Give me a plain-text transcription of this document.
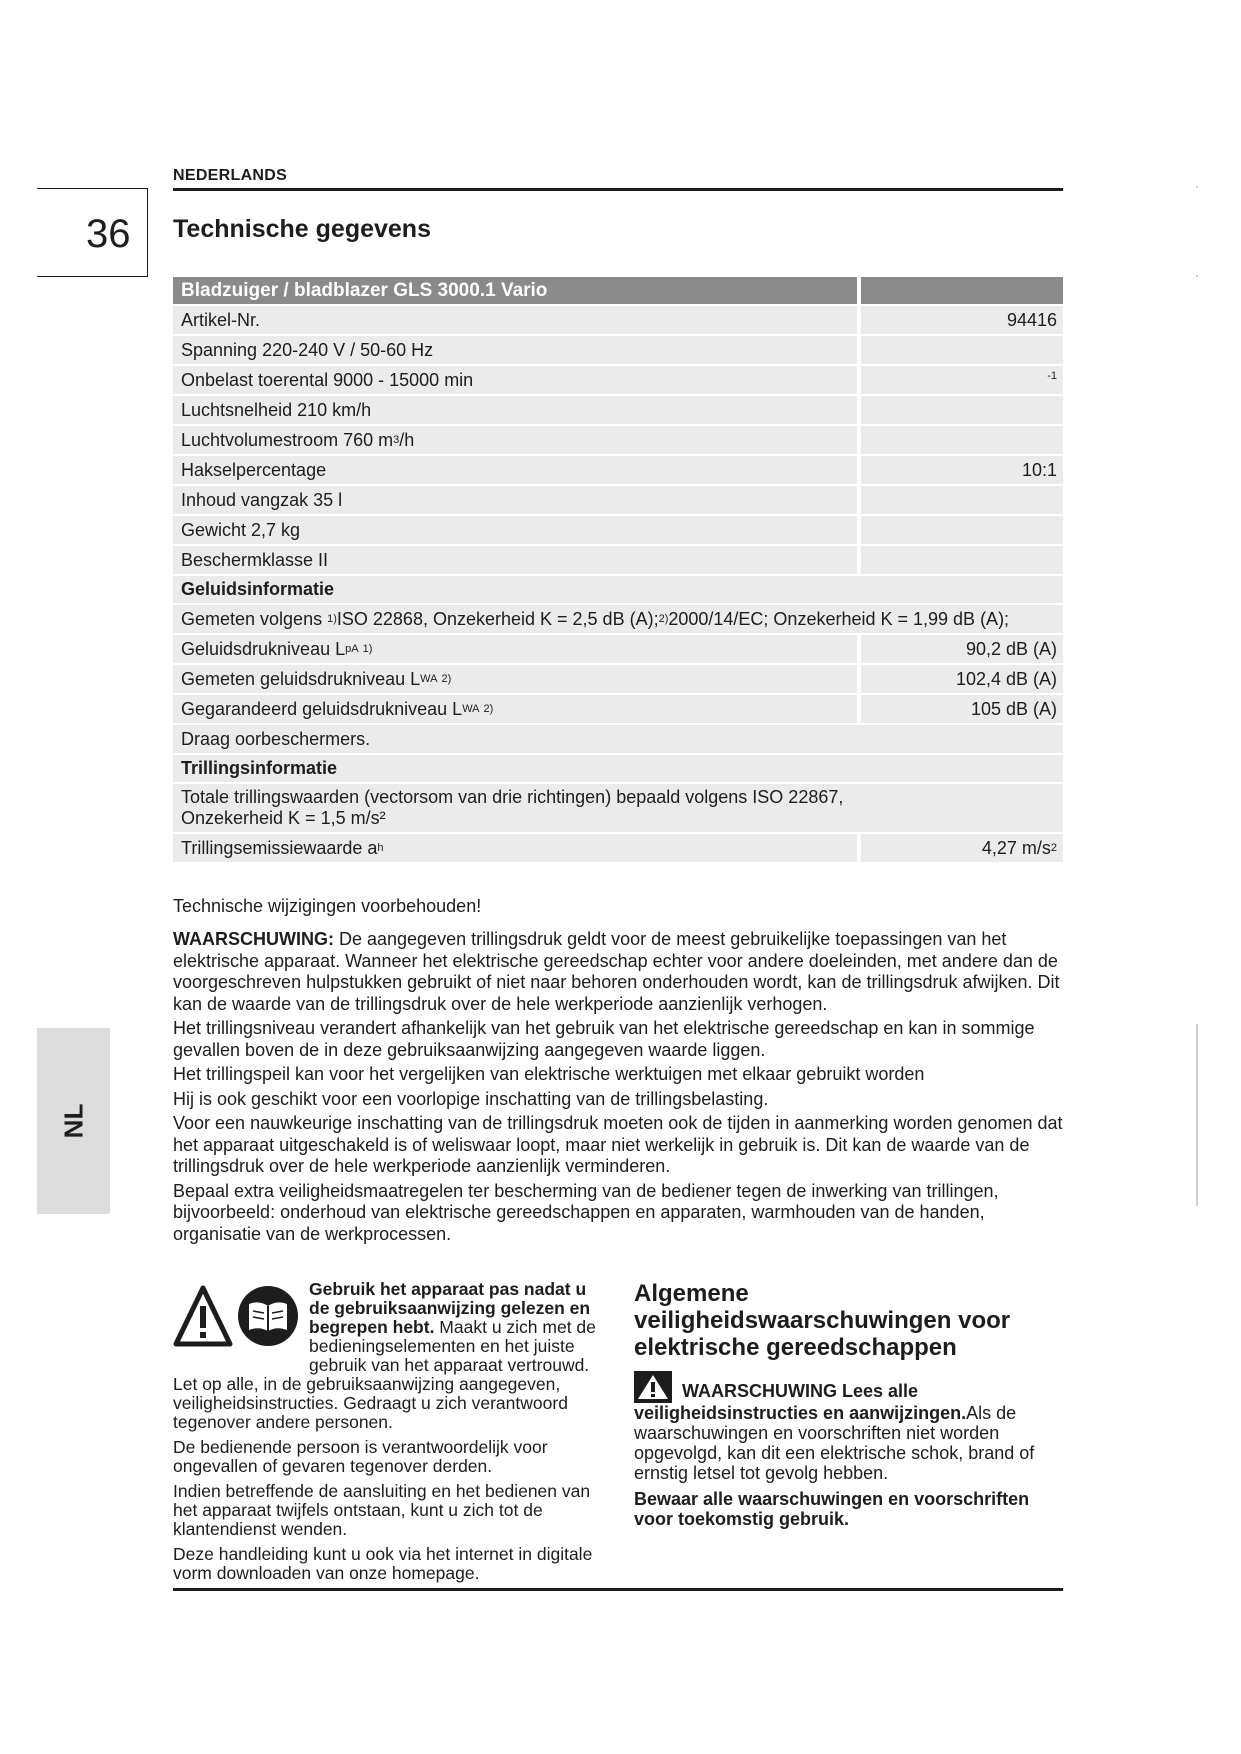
NEDERLANDS
36 Technische gegevens
NL
Bladzuiger / bladblazer GLS 3000.1 Vario
Artikel-Nr.	94416
Spanning 220-240 V / 50-60 Hz
Onbelast toerental 9000 - 15000 min	-1
Luchtsnelheid 210 km/h
Luchtvolumestroom 760 m 3 /h
Hakselpercentage	10:1
Inhoud vangzak 35 l
Gewicht 2,7 kg
Beschermklasse II
Geluidsinformatie
Gemeten volgens
1) ISO 22868, Onzekerheid K = 2,5 dB (A); 2) 2000/14/EC; Onzekerheid K = 1,99 dB (A);
Geluidsdrukniveau L pA 1)	90,2 dB (A)
Gemeten geluidsdrukniveau L WA 2)	102,4 dB (A)
Gegarandeerd geluidsdrukniveau L WA 2)	105 dB (A)
Draag oorbeschermers.
Trillingsinformatie
Totale trillingswaarden (vectorsom van drie richtingen) bepaald volgens ISO 22867,
Onzekerheid K = 1,5 m/s²
Trillingsemissiewaarde a h	4,27 m/s 2
Technische wijzigingen voorbehouden!

WAARSCHUWING: De aangegeven trillingsdruk geldt voor de meest gebruikelijke toepassingen van het elektrische apparaat. Wanneer het elektrische gereedschap echter voor andere doeleinden, met andere dan de voorgeschreven hulpstukken gebruikt of niet naar behoren onderhouden wordt, kan de trillingsdruk afwijken. Dit kan de waarde van de trillingsdruk over de hele werkperiode aanzienlijk verhogen.

Het trillingsniveau verandert afhankelijk van het gebruik van het elektrische gereedschap en kan in sommige gevallen boven de in deze gebruiksaanwijzing aangegeven waarde liggen.

Het trillingspeil kan voor het vergelijken van elektrische werktuigen met elkaar gebruikt worden

Hij is ook geschikt voor een voorlopige inschatting van de trillingsbelasting.

Voor een nauwkeurige inschatting van de trillingsdruk moeten ook de tijden in aanmerking worden genomen dat het apparaat uitgeschakeld is of weliswaar loopt, maar niet werkelijk in gebruik is. Dit kan de waarde van de trillingsdruk over de hele werkperiode aanzienlijk verminderen.

Bepaal extra veiligheidsmaatregelen ter bescherming van de bediener tegen de inwerking van trillingen, bijvoorbeeld: onderhoud van elektrische gereedschappen en apparaten, warmhouden van de handen, organisatie van de werkprocessen.

Gebruik het apparaat pas nadat u de gebruiksaanwijzing gelezen en begrepen hebt. Maakt u zich met de bedieningselementen en het juiste gebruik van het apparaat vertrouwd. Let op alle, in de gebruiksaanwijzing aangegeven, veiligheidsinstructies. Gedraagt u zich verantwoord tegenover andere personen.

De bedienende persoon is verantwoordelijk voor ongevallen of gevaren tegenover derden.

Indien betreffende de aansluiting en het bedienen van het apparaat twijfels ontstaan, kunt u zich tot de klantendienst wenden.

Deze handleiding kunt u ook via het internet in digitale vorm downloaden van onze homepage.

Algemene veiligheidswaarschuwingen voor elektrische gereedschappen
WAARSCHUWING Lees alle

veiligheidsinstructies en aanwijzingen.Als de waarschuwingen en voorschriften niet worden opgevolgd, kan dit een elektrische schok, brand of ernstig letsel tot gevolg hebben.

Bewaar alle waarschuwingen en voorschriften voor toekomstig gebruik.
